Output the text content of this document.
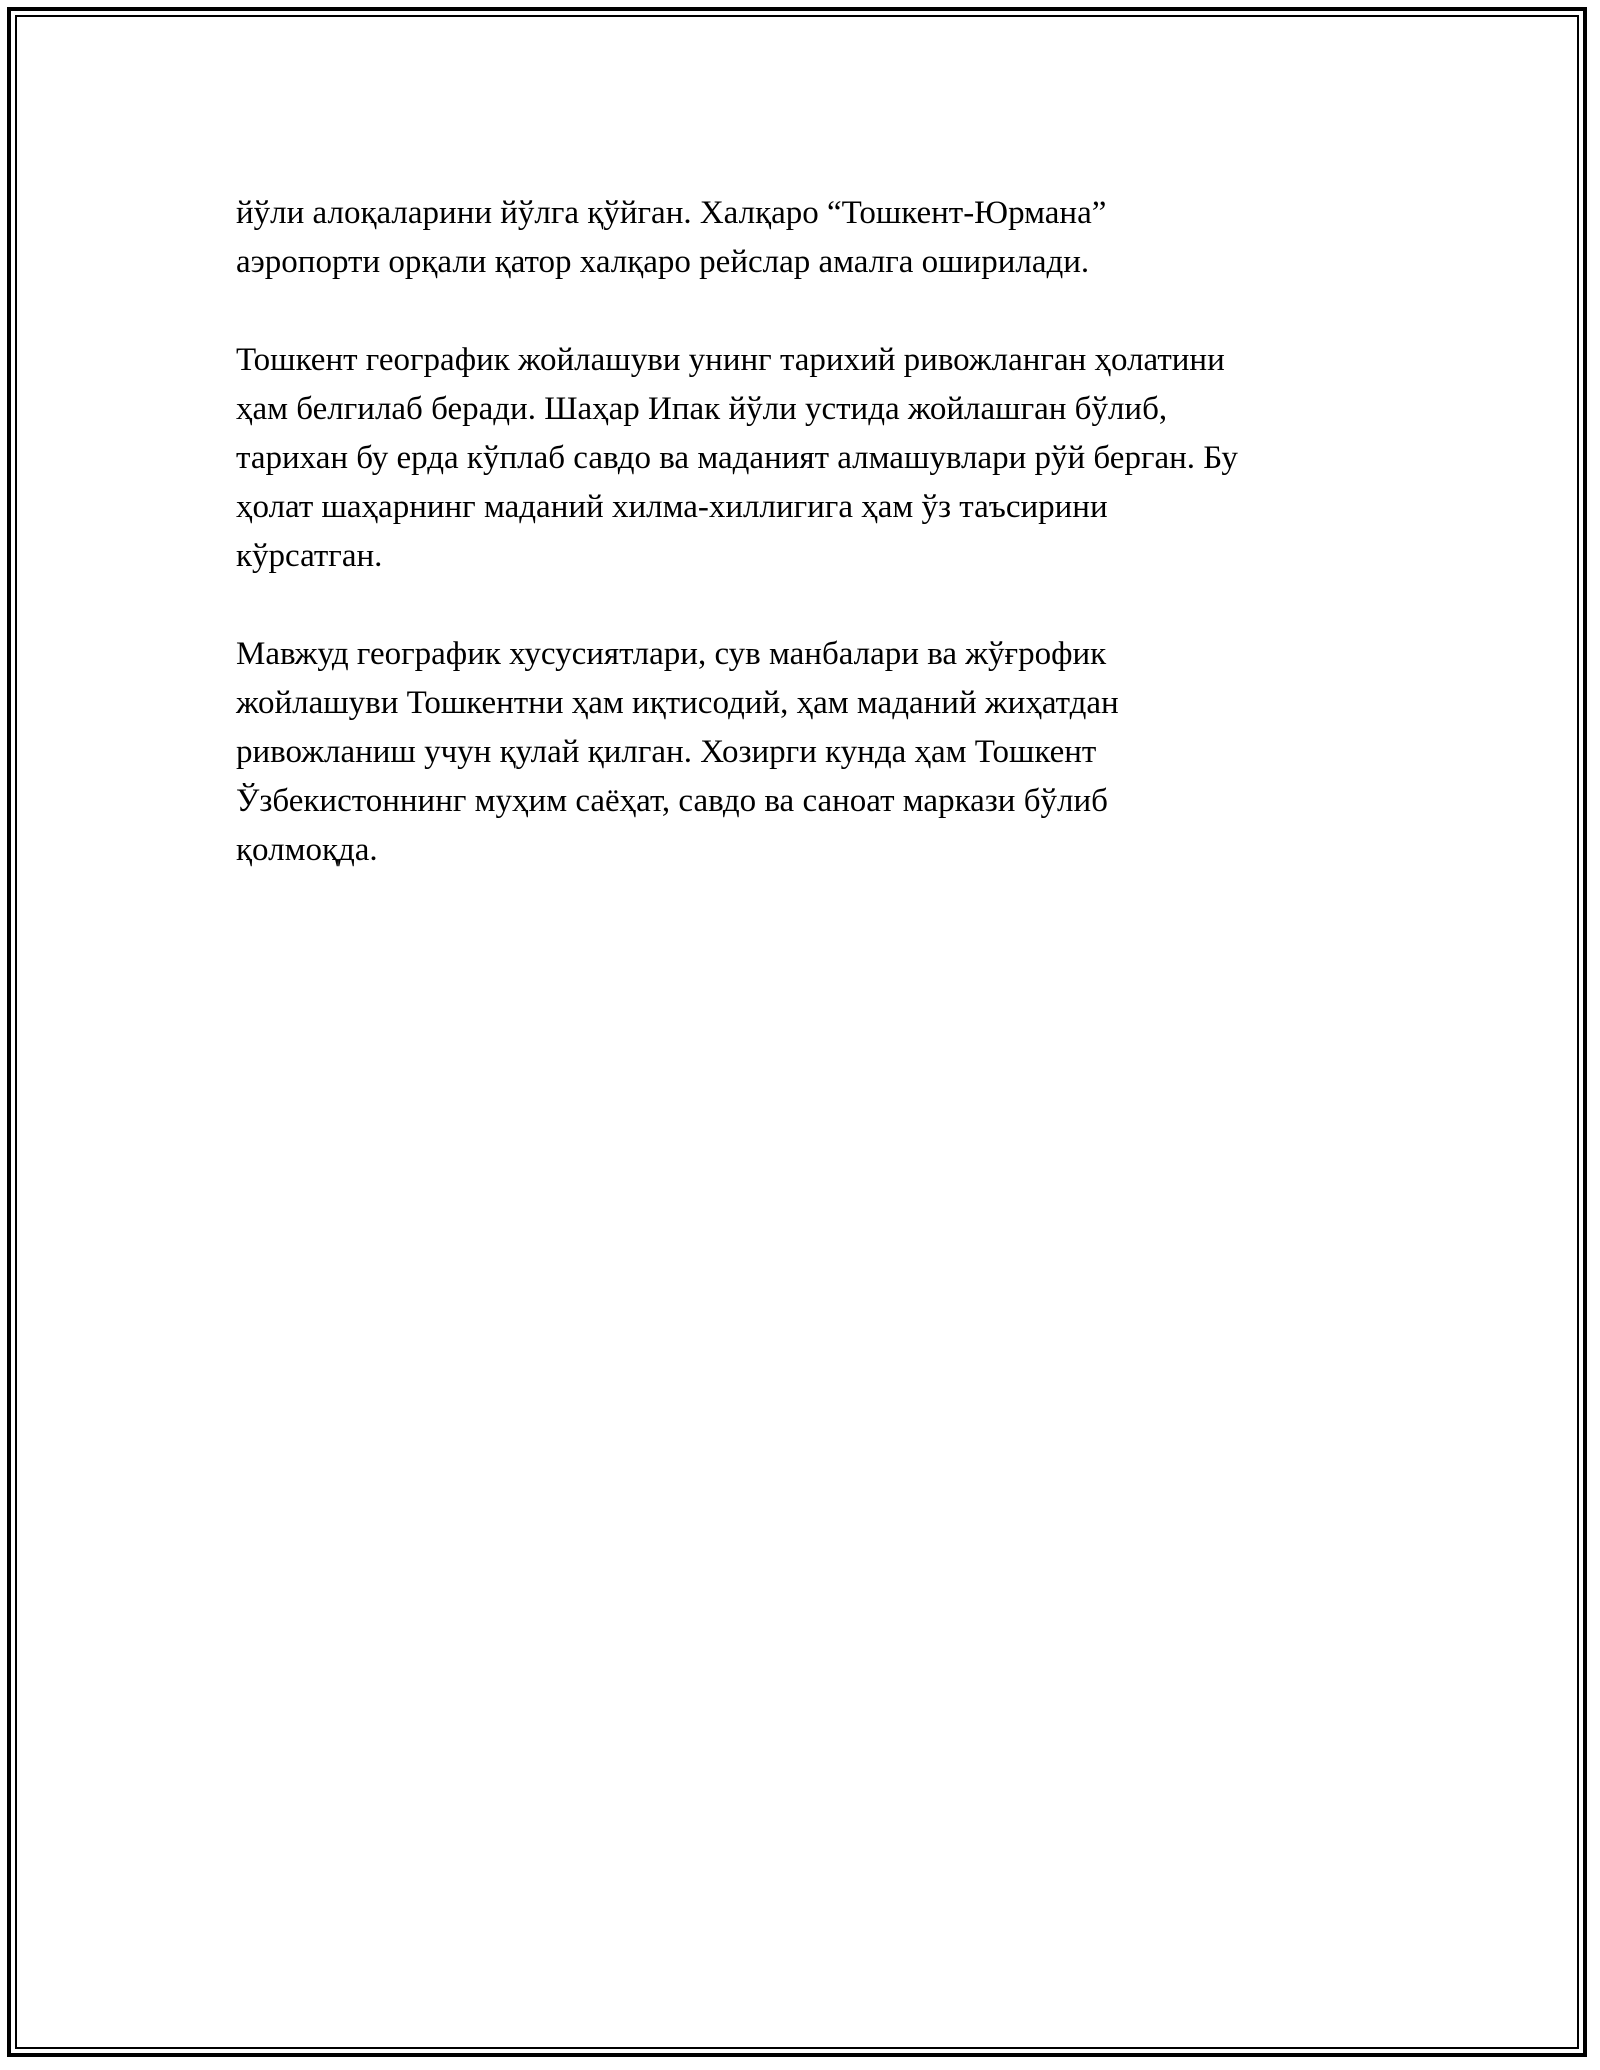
йўли алоқаларини йўлга қўйган. Халқаро “Тошкент-Юрмана”
аэропорти орқали қатор халқаро рейслар амалга оширилади.

Тошкент географик жойлашуви унинг тарихий ривожланган ҳолатини
ҳам белгилаб беради. Шаҳар Ипак йўли устида жойлашган бўлиб,
тарихан бу ерда кўплаб савдо ва маданият алмашувлари рўй берган. Бу
ҳолат шаҳарнинг маданий хилма-хиллигига ҳам ўз таъсирини
кўрсатган.

Мавжуд географик хусусиятлари, сув манбалари ва жўғрофик
жойлашуви Тошкентни ҳам иқтисодий, ҳам маданий жиҳатдан
ривожланиш учун қулай қилган. Хозирги кунда ҳам Тошкент
Ўзбекистоннинг муҳим саёҳат, савдо ва саноат маркази бўлиб
қолмоқда.
